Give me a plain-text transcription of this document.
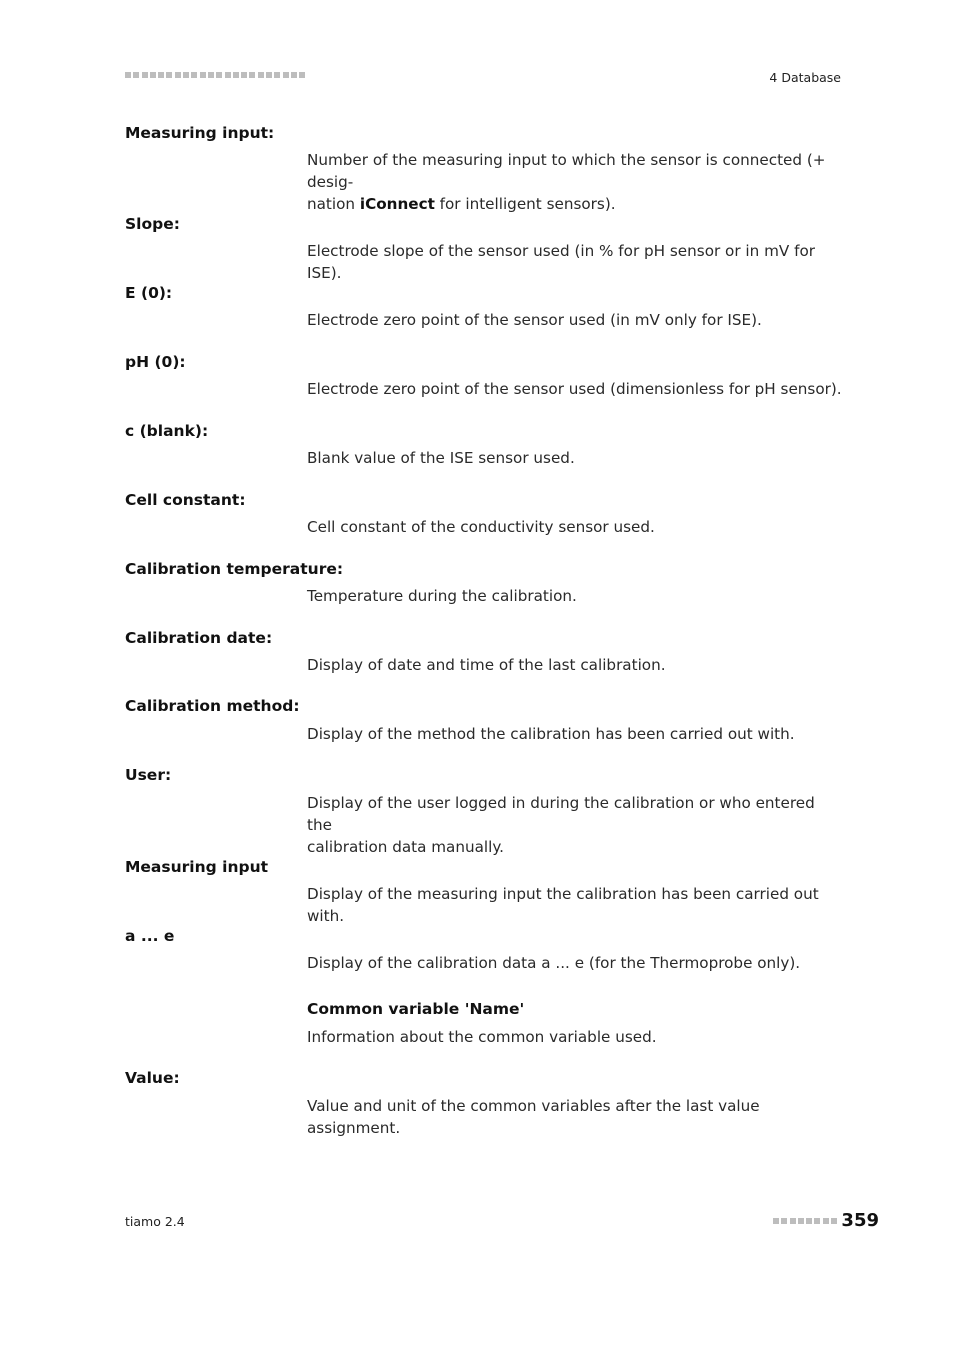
4 Database
Measuring input:
Number of the measuring input to which the sensor is connected (+ desig-
nation iConnect for intelligent sensors).
Slope:
Electrode slope of the sensor used (in % for pH sensor or in mV for ISE).
E (0):
Electrode zero point of the sensor used (in mV only for ISE).
pH (0):
Electrode zero point of the sensor used (dimensionless for pH sensor).
c (blank):
Blank value of the ISE sensor used.
Cell constant:
Cell constant of the conductivity sensor used.
Calibration temperature:
Temperature during the calibration.
Calibration date:
Display of date and time of the last calibration.
Calibration method:
Display of the method the calibration has been carried out with.
User:
Display of the user logged in during the calibration or who entered the
calibration data manually.
Measuring input
Display of the measuring input the calibration has been carried out with.
a ... e
Display of the calibration data a ... e (for the Thermoprobe only).
Common variable 'Name'
Information about the common variable used.
Value:
Value and unit of the common variables after the last value assignment.
tiamo 2.4	359
